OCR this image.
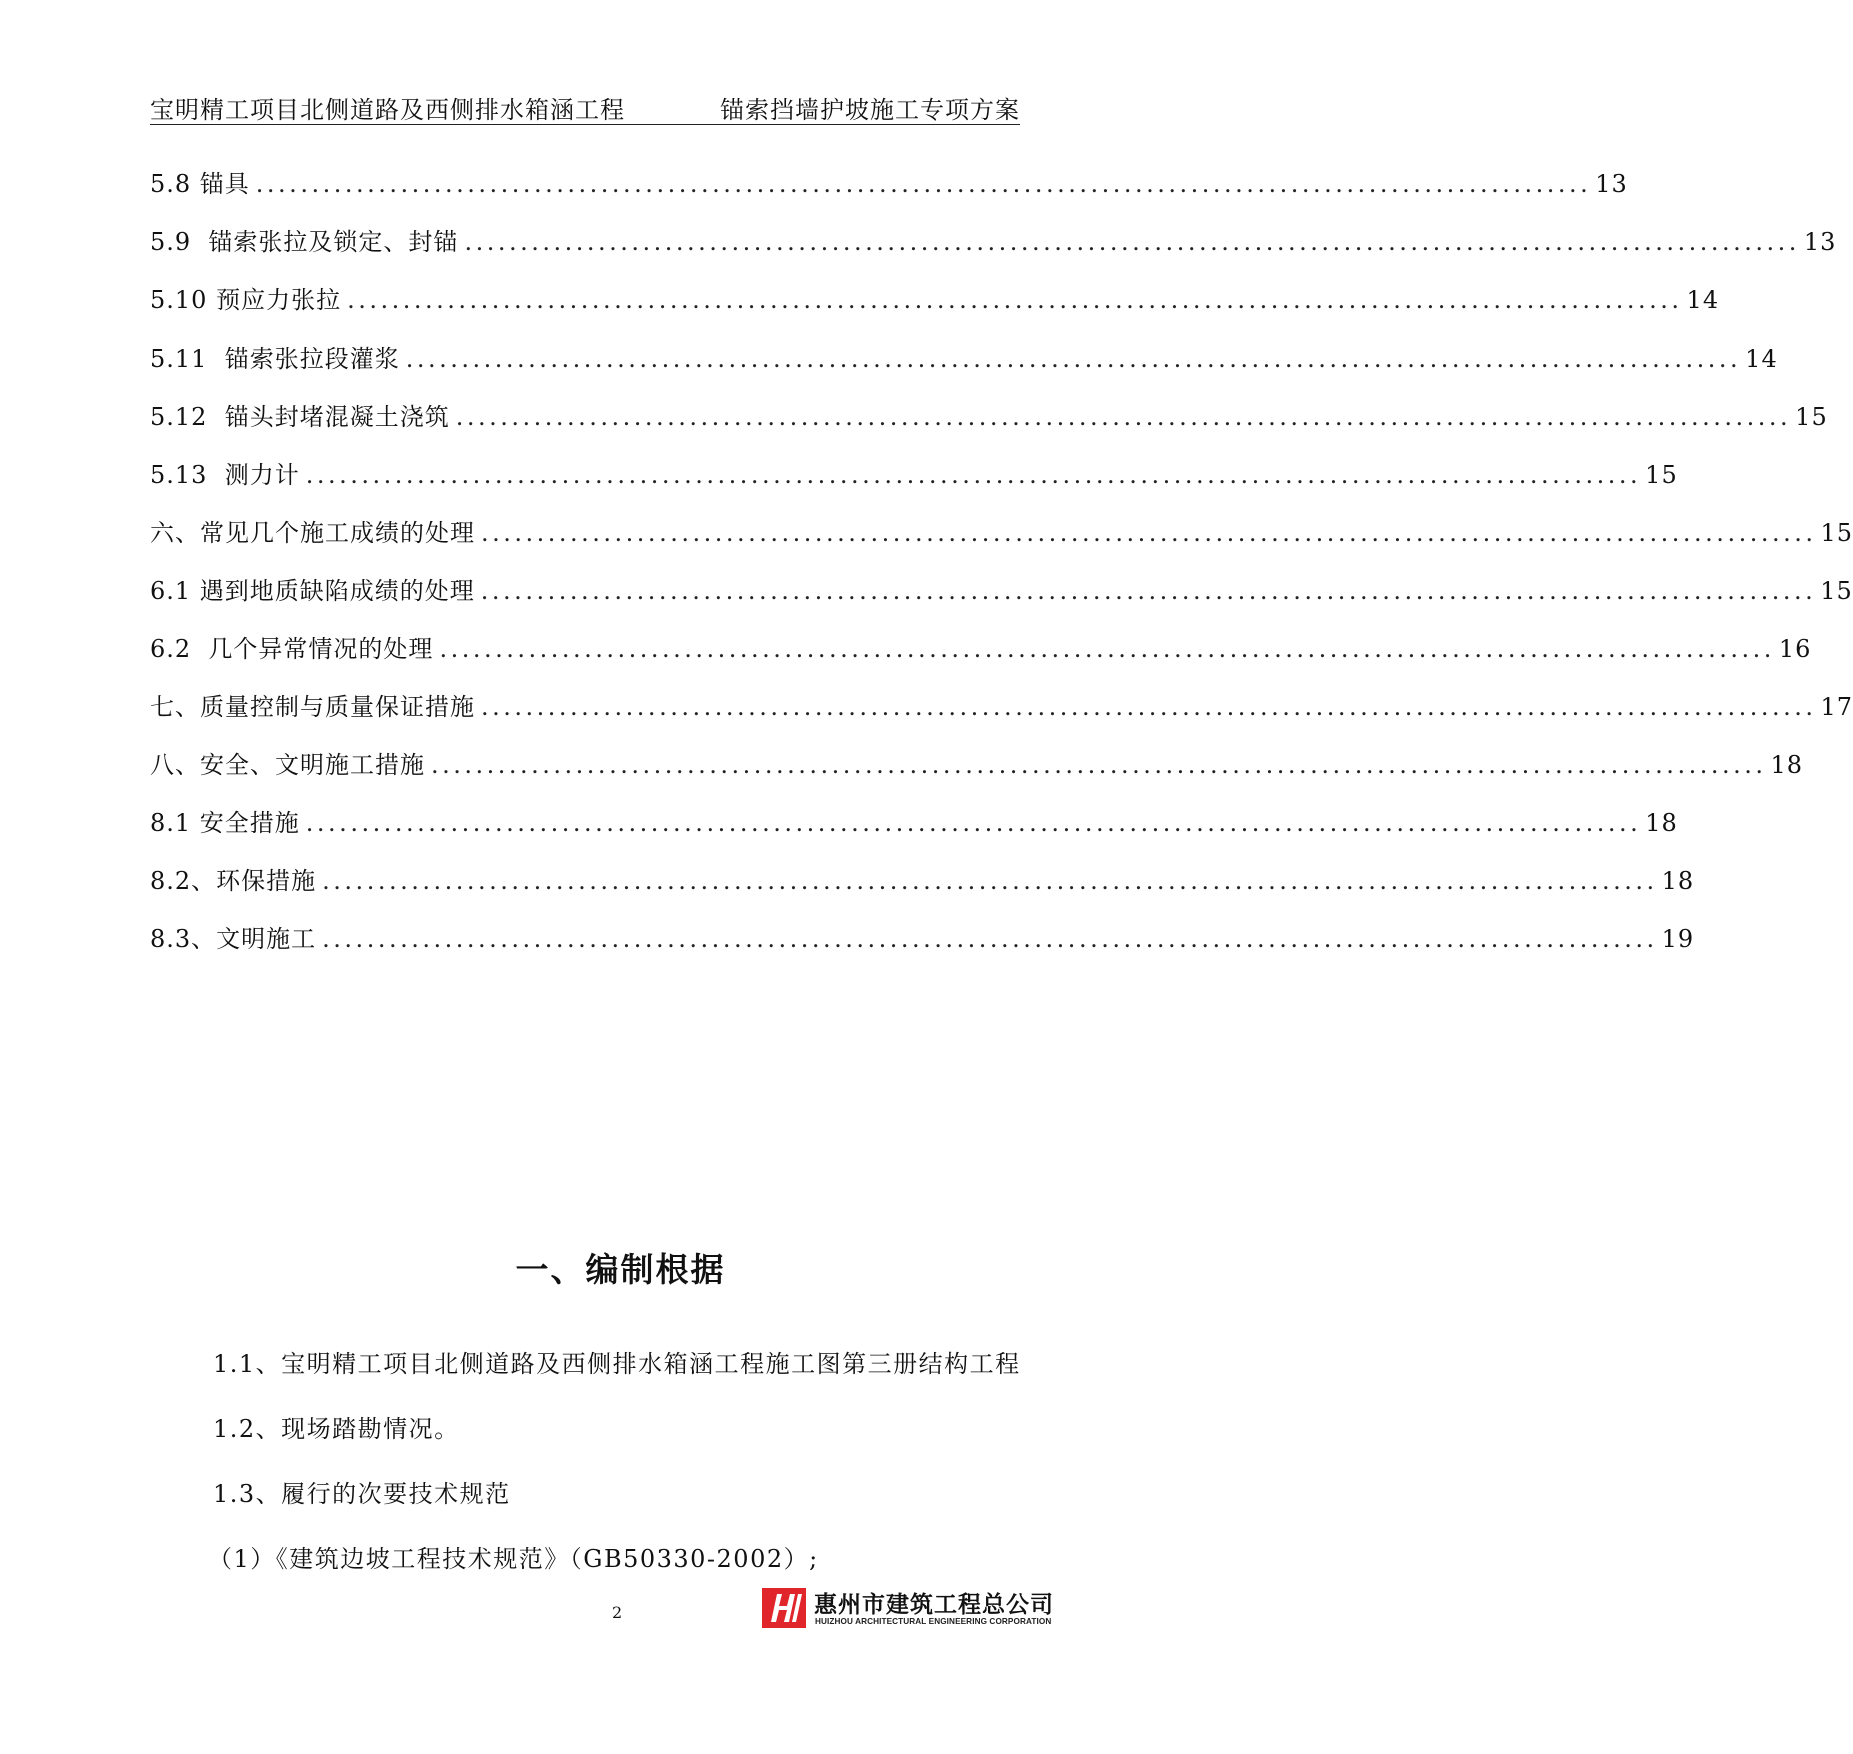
宝明精工项目北侧道路及西侧排水箱涵工程	锚索挡墙护坡施工专项方案
5.8 锚具 ........................................................................................................................ 13
5.9  锚索张拉及锁定、封锚 ........................................................................................................................ 13
5.10 预应力张拉 ........................................................................................................................ 14
5.11  锚索张拉段灌浆 ........................................................................................................................ 14
5.12  锚头封堵混凝土浇筑 ........................................................................................................................ 15
5.13  测力计 ........................................................................................................................ 15
六、常见几个施工成绩的处理 ........................................................................................................................ 15
6.1 遇到地质缺陷成绩的处理 ........................................................................................................................ 15
6.2  几个异常情况的处理 ........................................................................................................................ 16
七、质量控制与质量保证措施 ........................................................................................................................ 17
八、安全、文明施工措施 ........................................................................................................................ 18
8.1 安全措施 ........................................................................................................................ 18
8.2、环保措施 ........................................................................................................................ 18
8.3、文明施工 ........................................................................................................................ 19
一、编制根据
1.1、宝明精工项目北侧道路及西侧排水箱涵工程施工图第三册结构工程
1.2、现场踏勘情况。
1.3、履行的次要技术规范
（1）《建筑边坡工程技术规范》（GB50330-2002）;
2	惠州市建筑工程总公司
HUIZHOU ARCHITECTURAL ENGINEERING CORPORATION
